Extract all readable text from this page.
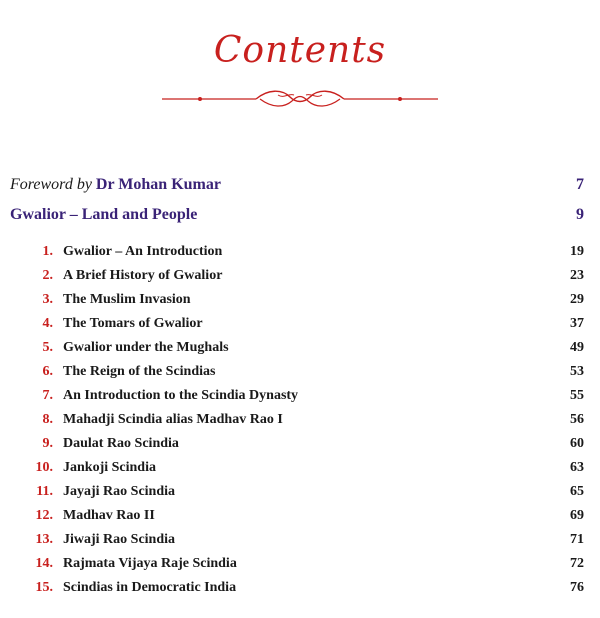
Contents
Foreword by Dr Mohan Kumar	7
Gwalior – Land and People	9
1. Gwalior – An Introduction	19
2. A Brief History of Gwalior	23
3. The Muslim Invasion	29
4. The Tomars of Gwalior	37
5. Gwalior under the Mughals	49
6. The Reign of the Scindias	53
7. An Introduction to the Scindia Dynasty	55
8. Mahadji Scindia alias Madhav Rao I	56
9. Daulat Rao Scindia	60
10. Jankoji Scindia	63
11. Jayaji Rao Scindia	65
12. Madhav Rao II	69
13. Jiwaji Rao Scindia	71
14. Rajmata Vijaya Raje Scindia	72
15. Scindias in Democratic India	76
